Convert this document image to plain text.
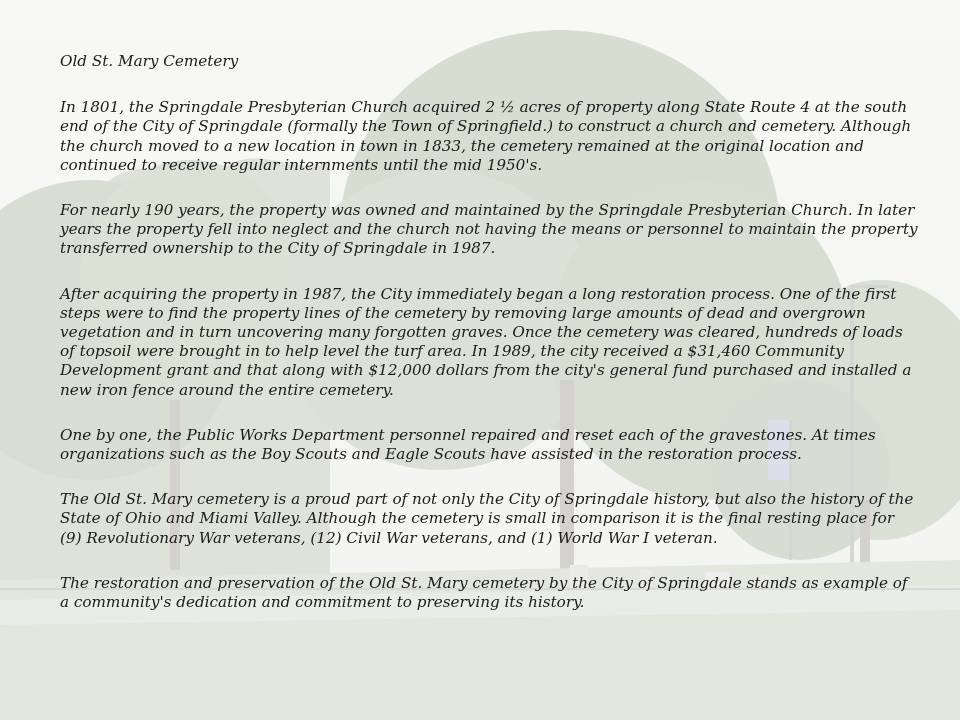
Old St. Mary Cemetery

In 1801, the Springdale Presbyterian Church acquired 2 ½ acres of property along State Route 4 at the south end of the City of Springdale (formally the Town of Springfield.) to construct a church and cemetery. Although the church moved to a new location in town in 1833, the cemetery remained at the original location and continued to receive regular internments until the mid 1950's.

For nearly 190 years, the property was owned and maintained by the Springdale Presbyterian Church. In later years the property fell into neglect and the church not having the means or personnel to maintain the property transferred ownership to the City of Springdale in 1987.

After acquiring the property in 1987, the City immediately began a long restoration process. One of the first steps were to find the property lines of the cemetery by removing large amounts of dead and overgrown vegetation and in turn uncovering many forgotten graves. Once the cemetery was cleared, hundreds of loads of topsoil were brought in to help level the turf area. In 1989, the city received a $31,460 Community Development grant and that along with $12,000 dollars from the city's general fund purchased and installed a new iron fence around the entire cemetery.

One by one, the Public Works Department personnel repaired and reset each of the gravestones. At times organizations such as the Boy Scouts and Eagle Scouts have assisted in the restoration process.

The Old St. Mary cemetery is a proud part of not only the City of Springdale history, but also the history of the State of Ohio and Miami Valley. Although the cemetery is small in comparison it is the final resting place for (9) Revolutionary War veterans, (12) Civil War veterans, and (1) World War I veteran.

The restoration and preservation of the Old St. Mary cemetery by the City of Springdale stands as example of a community's dedication and commitment to preserving its history.
